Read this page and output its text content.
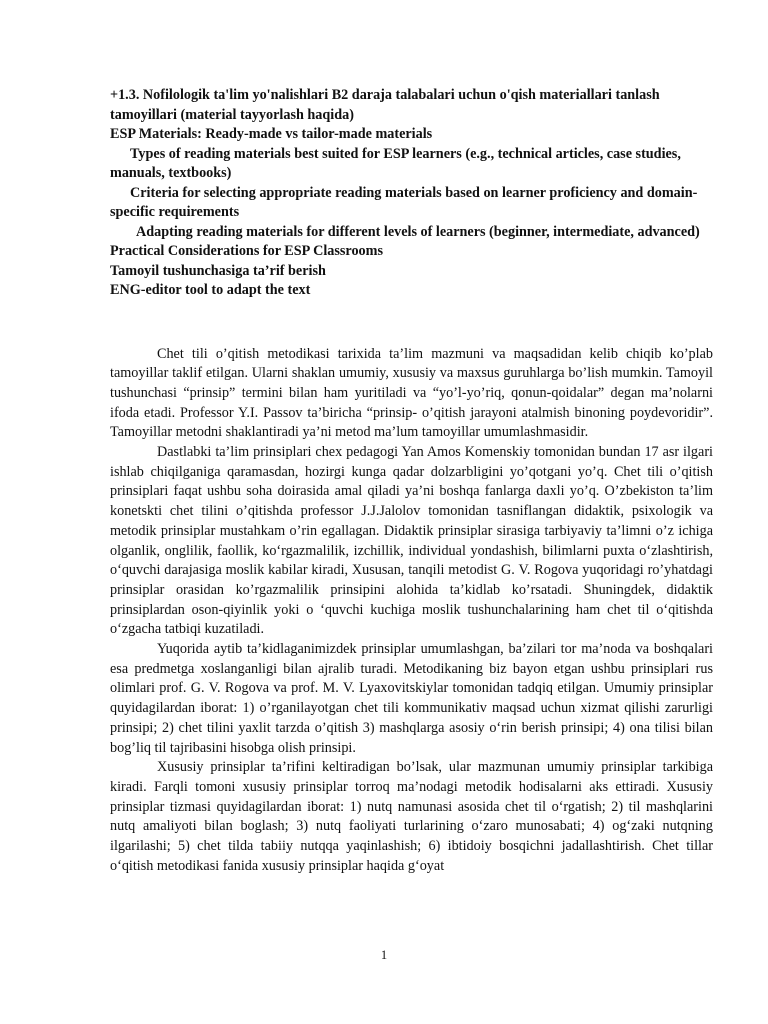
+1.3. Nofilologik ta'lim yo'nalishlari B2 daraja talabalari uchun o'qish materiallari tanlash tamoyillari (material tayyorlash haqida)

ESP Materials: Ready-made vs tailor-made materials

Types of reading materials best suited for ESP learners (e.g., technical articles, case studies, manuals, textbooks)

Criteria for selecting appropriate reading materials based on learner proficiency and domain-specific requirements

Adapting reading materials for different levels of learners (beginner, intermediate, advanced)

Practical Considerations for ESP Classrooms

Tamoyil tushunchasiga ta’rif berish

ENG-editor tool to adapt the text

Chet tili o’qitish metodikasi tarixida ta’lim mazmuni va maqsadidan kelib chiqib ko’plab tamoyillar taklif etilgan. Ularni shaklan umumiy, xususiy va maxsus guruhlarga bo’lish mumkin. Tamoyil tushunchasi “prinsip” termini bilan ham yuritiladi va “yo’l-yo’riq, qonun-qoidalar” degan ma’nolarni ifoda etadi. Professor Y.I. Passov ta’biricha “prinsip- o’qitish jarayoni atalmish binoning poydevoridir”. Tamoyillar metodni shaklantiradi ya’ni metod ma’lum tamoyillar umumlashmasidir.

Dastlabki ta’lim prinsiplari chex pedagogi Yan Amos Komenskiy tomonidan bundan 17 asr ilgari ishlab chiqilganiga qaramasdan, hozirgi kunga qadar dolzarbligini yo’qotgani yo’q. Chet tili o’qitish prinsiplari faqat ushbu soha doirasida amal qiladi ya’ni boshqa fanlarga daxli yo’q. O’zbekiston ta’lim konetskti chet tilini o’qitishda professor J.J.Jalolov tomonidan tasniflangan didaktik, psixologik va metodik prinsiplar mustahkam o’rin egallagan. Didaktik prinsiplar sirasiga tarbiyaviy ta’limni o’z ichiga olganlik, onglilik, faollik, ko‘rgazmalilik, izchillik, individual yondashish, bilimlarni puxta o‘zlashtirish, o‘quvchi darajasiga moslik kabilar kiradi, Xususan, tanqili metodist G. V. Rogova yuqoridagi ro’yhatdagi prinsiplar orasidan ko’rgazmalilik prinsipini alohida ta’kidlab ko’rsatadi. Shuningdek, didaktik prinsiplardan oson-qiyinlik yoki o ‘quvchi kuchiga moslik tushunchalarining ham chet til o‘qitishda o‘zgacha tatbiqi kuzatiladi.

Yuqorida aytib ta’kidlaganimizdek prinsiplar umumlashgan, ba’zilari tor ma’noda va boshqalari esa predmetga xoslanganligi bilan ajralib turadi. Metodikaning biz bayon etgan ushbu prinsiplari rus olimlari prof. G. V. Rogova va prof. M. V. Lyaxovitskiylar tomonidan tadqiq etilgan. Umumiy prinsiplar quyidagilardan iborat: 1) o’rganilayotgan chet tili kommunikativ maqsad uchun xizmat qilishi zarurligi prinsipi; 2) chet tilini yaxlit tarzda o’qitish 3) mashqlarga asosiy o‘rin berish prinsipi; 4) ona tilisi bilan bog’liq til tajribasini hisobga olish prinsipi.

Xususiy prinsiplar ta’rifini keltiradigan bo’lsak, ular mazmunan umumiy prinsiplar tarkibiga kiradi. Farqli tomoni xususiy prinsiplar torroq ma’nodagi metodik hodisalarni aks ettiradi. Xususiy prinsiplar tizmasi quyidagilardan iborat: 1) nutq namunasi asosida chet til o‘rgatish; 2) til mashqlarini nutq amaliyoti bilan boglash; 3) nutq faoliyati turlarining o‘zaro munosabati; 4) og‘zaki nutqning ilgarilashi; 5) chet tilda tabiiy nutqqa yaqinlashish; 6) ibtidoiy bosqichni jadallashtirish. Chet tillar o‘qitish metodikasi fanida xususiy prinsiplar haqida g‘oyat

1
